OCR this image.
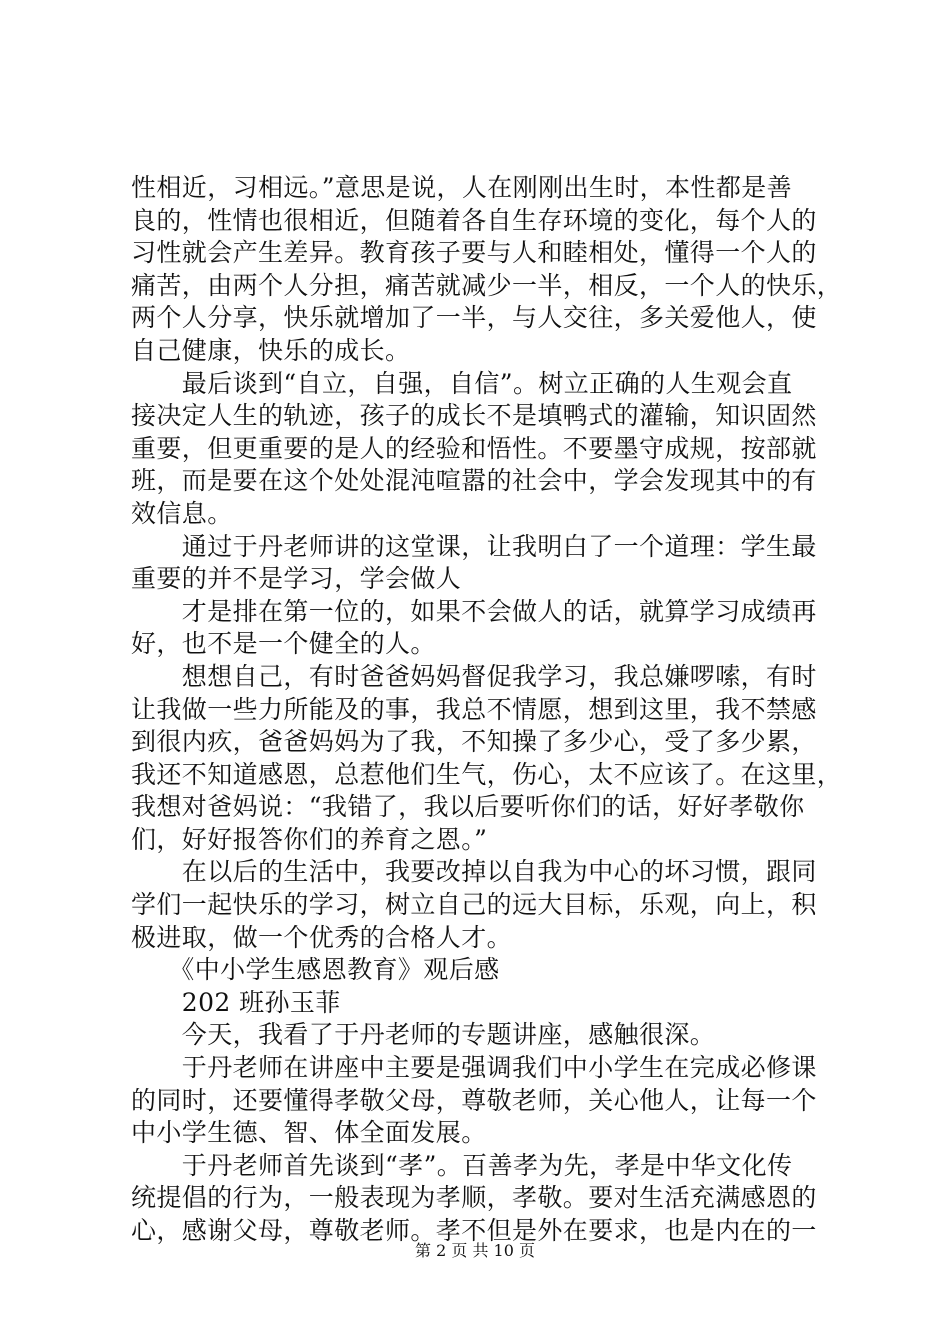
性相近，习相远。”意思是说，人在刚刚出生时，本性都是善
良的，性情也很相近，但随着各自生存环境的变化，每个人的
习性就会产生差异。教育孩子要与人和睦相处，懂得一个人的
痛苦，由两个人分担，痛苦就减少一半，相反，一个人的快乐，
两个人分享，快乐就增加了一半，与人交往，多关爱他人，使
自己健康，快乐的成长。
　　最后谈到“自立，自强，自信”。树立正确的人生观会直
接决定人生的轨迹，孩子的成长不是填鸭式的灌输，知识固然
重要，但更重要的是人的经验和悟性。不要墨守成规，按部就
班，而是要在这个处处混沌喧嚣的社会中，学会发现其中的有
效信息。
　　通过于丹老师讲的这堂课，让我明白了一个道理：学生最
重要的并不是学习，学会做人
　　才是排在第一位的，如果不会做人的话，就算学习成绩再
好，也不是一个健全的人。
　　想想自己，有时爸爸妈妈督促我学习，我总嫌啰嗦，有时
让我做一些力所能及的事，我总不情愿，想到这里，我不禁感
到很内疚，爸爸妈妈为了我，不知操了多少心，受了多少累，
我还不知道感恩，总惹他们生气，伤心，太不应该了。在这里，
我想对爸妈说：“我错了，我以后要听你们的话，好好孝敬你
们，好好报答你们的养育之恩。”
　　在以后的生活中，我要改掉以自我为中心的坏习惯，跟同
学们一起快乐的学习，树立自己的远大目标，乐观，向上，积
极进取，做一个优秀的合格人才。
　　《中小学生感恩教育》观后感
　　202 班孙玉菲
　　今天，我看了于丹老师的专题讲座，感触很深。
　　于丹老师在讲座中主要是强调我们中小学生在完成必修课
的同时，还要懂得孝敬父母，尊敬老师，关心他人，让每一个
中小学生德、智、体全面发展。
　　于丹老师首先谈到“孝”。百善孝为先，孝是中华文化传
统提倡的行为，一般表现为孝顺，孝敬。要对生活充满感恩的
心，感谢父母，尊敬老师。孝不但是外在要求，也是内在的一
第 2 页 共 10 页
